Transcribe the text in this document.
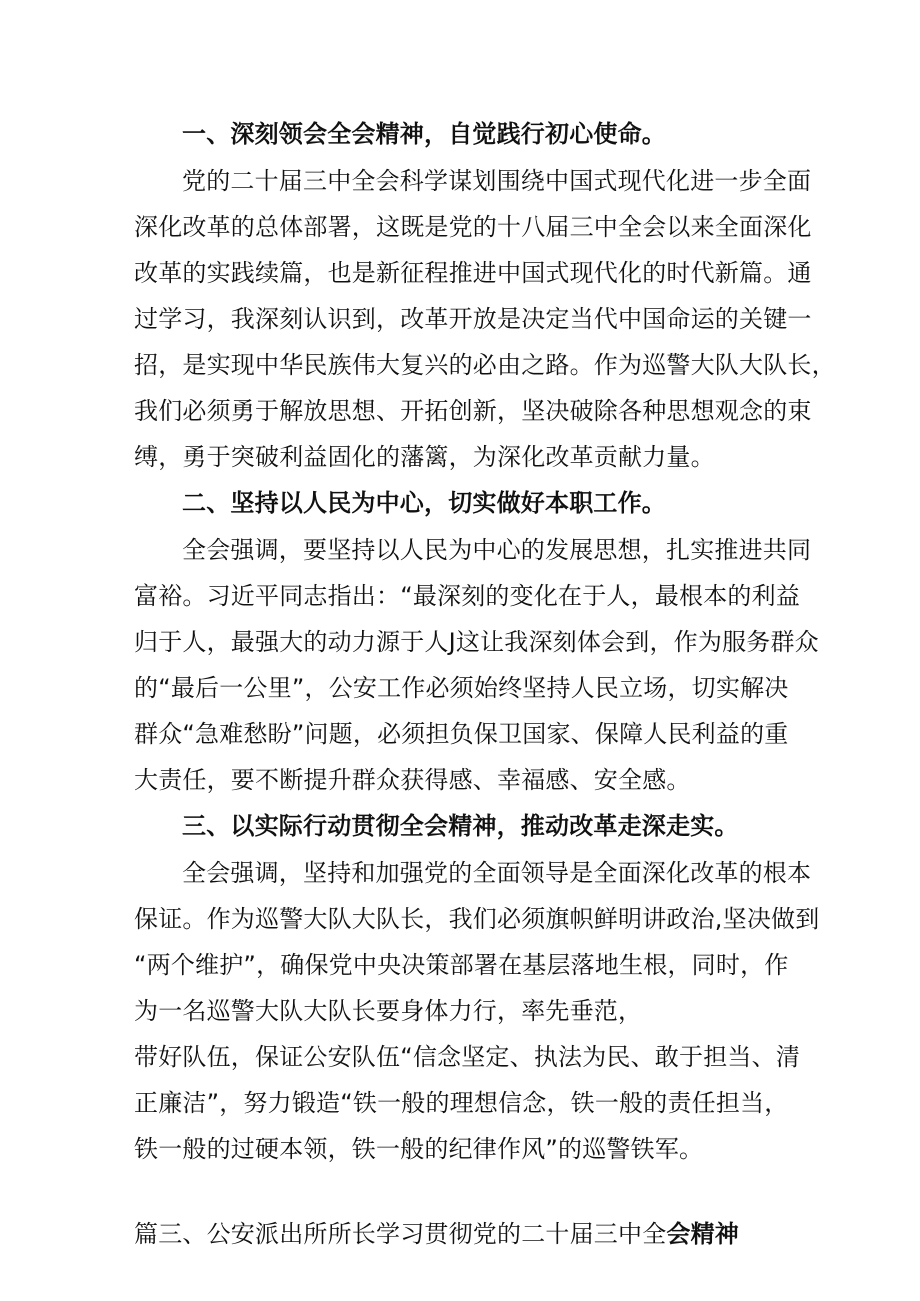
一、深刻领会全会精神，自觉践行初心使命。
党的二十届三中全会科学谋划围绕中国式现代化进一步全面
深化改革的总体部署，这既是党的十八届三中全会以来全面深化
改革的实践续篇，也是新征程推进中国式现代化的时代新篇。通
过学习，我深刻认识到，改革开放是决定当代中国命运的关键一
招，是实现中华民族伟大复兴的必由之路。作为巡警大队大队长，
我们必须勇于解放思想、开拓创新，坚决破除各种思想观念的束
缚，勇于突破利益固化的藩篱，为深化改革贡献力量。
二、坚持以人民为中心，切实做好本职工作。
全会强调，要坚持以人民为中心的发展思想，扎实推进共同
富裕。习近平同志指出：“最深刻的变化在于人，最根本的利益
归于人，最强大的动力源于人J这让我深刻体会到，作为服务群众
的“最后一公里”，公安工作必须始终坚持人民立场，切实解决
群众“急难愁盼”问题，必须担负保卫国家、保障人民利益的重
大责任，要不断提升群众获得感、幸福感、安全感。
三、以实际行动贯彻全会精神，推动改革走深走实。
全会强调，坚持和加强党的全面领导是全面深化改革的根本
保证。作为巡警大队大队长，我们必须旗帜鲜明讲政治,坚决做到
“两个维护”，确保党中央决策部署在基层落地生根，同时，作
为一名巡警大队大队长要身体力行，率先垂范，
带好队伍，保证公安队伍“信念坚定、执法为民、敢于担当、清
正廉洁”，努力锻造“铁一般的理想信念，铁一般的责任担当，
铁一般的过硬本领，铁一般的纪律作风”的巡警铁军。
篇三、公安派出所所长学习贯彻党的二十届三中全会精神
